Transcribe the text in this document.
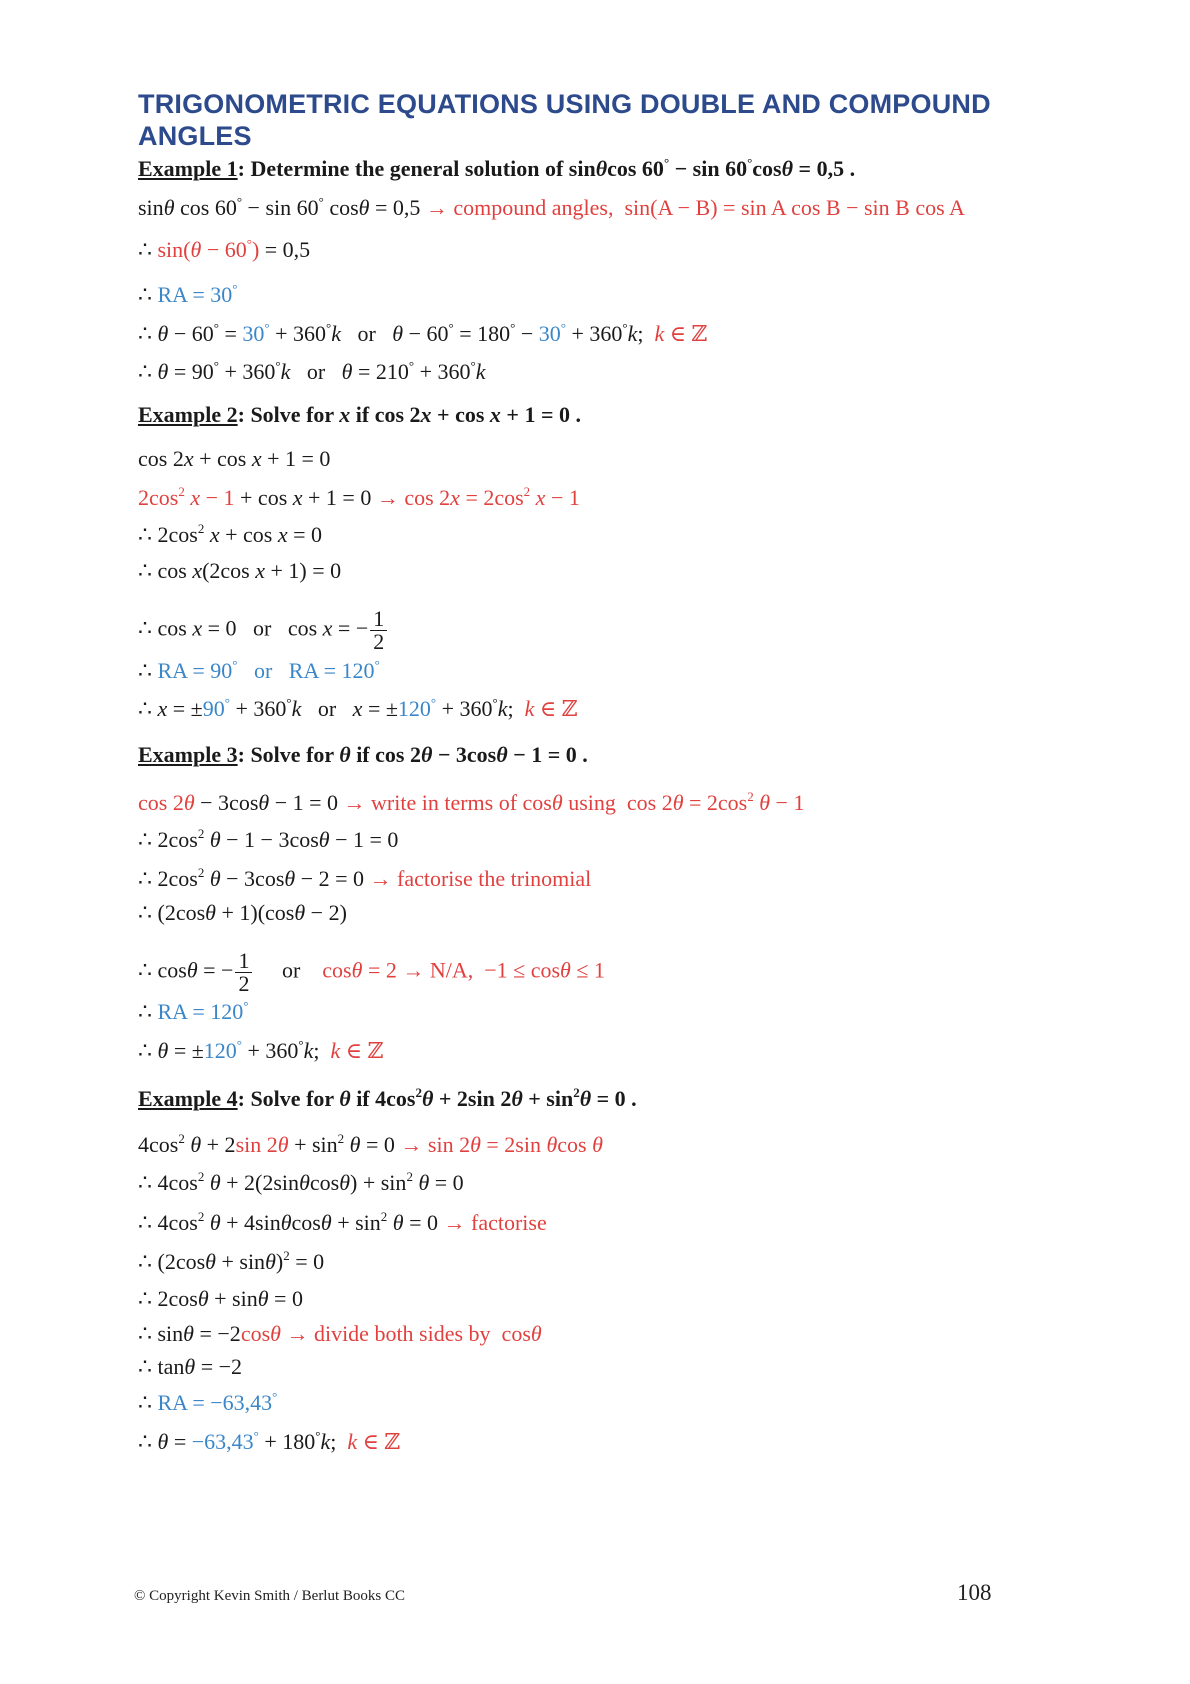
TRIGONOMETRIC EQUATIONS USING DOUBLE AND COMPOUND ANGLES
Example 1: Determine the general solution of sinθcos 60° − sin 60°cosθ = 0,5 .
sinθ cos 60° − sin 60° cosθ = 0,5 → compound angles,  sin(A − B) = sin A cos B − sin B cos A
∴ sin(θ − 60°) = 0,5
∴ RA = 30°
∴ θ − 60° = 30° + 360°k   or   θ − 60° = 180° − 30° + 360°k;  k ∈ ℤ
∴ θ = 90° + 360°k   or   θ = 210° + 360°k
Example 2: Solve for x if cos 2x + cos x + 1 = 0 .
cos 2x + cos x + 1 = 0
$2\cos^2$ $x - 1 + \cos x + 1 = 0 \to \cos 2x = 2\cos^2$ x − 1
∴ $2\cos^2$ x + cos x = 0
∴ cos x(2cos x + 1) = 0
∴ cos x = 0   or   cos x = − $\frac{1}{2}$
∴ RA = 90°   or   RA = 120°
∴ x = ±90° + 360°k   or   x = ±120° + 360°k;  k ∈ ℤ
Example 3: Solve for θ if cos 2θ − 3cosθ − 1 = 0 .
cos 2θ − 3cosθ − 1 = 0 → write in terms of cosθ using  $\cos 2\theta = 2\cos^2$ θ − 1
∴ $2\cos^2$ θ − 1 − 3cosθ − 1 = 0
∴ $2\cos^2$ θ − 3cosθ − 2 = 0 → factorise the trinomial
∴ (2cosθ + 1)(cosθ − 2)
∴ cosθ = − $\frac{1}{2}$ or    cosθ = 2 → N/A,  −1 ≤ cosθ ≤ 1
∴ RA = 120°
∴ θ = ±120° + 360°k;  k ∈ ℤ
Example 4: Solve for θ if $4\cos^2\theta + 2\sin$ $2\theta + \sin^2\theta = 0$ .
$4\cos^2$ θ + 2sin $2\theta + \sin^2 \theta = 0 \to \sin 2\theta = 2\sin$ θcos θ
∴ $4\cos^2$ $\theta + 2(2\sin\theta\cos\theta) + \sin^2 \theta = 0$
∴ $4\cos^2$ $\theta + 4\sin\theta\cos\theta + \sin^2 \theta = 0$ → factorise
∴ $(2\cos\theta + \sin\theta)^2 = 0$
∴ 2cosθ + sinθ = 0
∴ sinθ = −2cosθ → divide both sides by  cosθ
∴ tanθ = −2
∴ RA = −63,43°
∴ θ = −63,43° + 180°k;  k ∈ ℤ
© Copyright Kevin Smith / Berlut Books CC	108
